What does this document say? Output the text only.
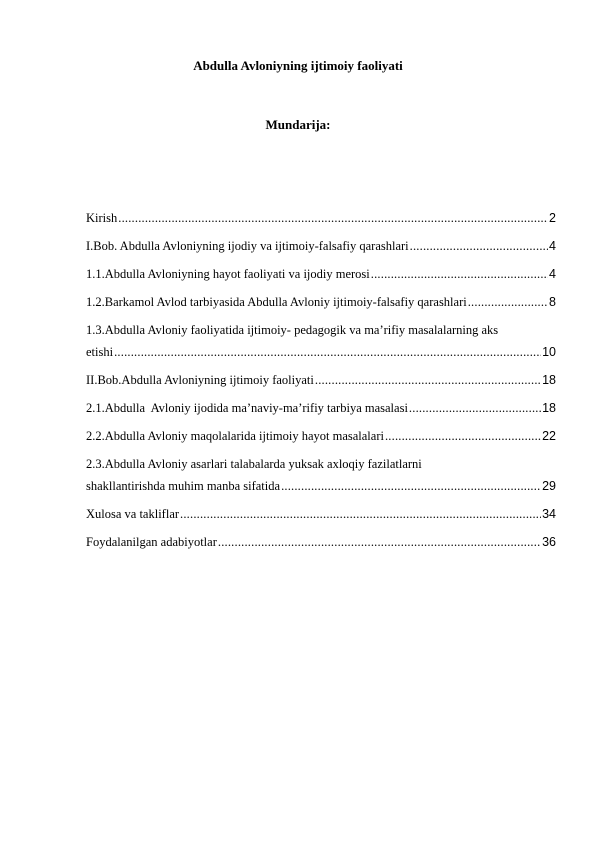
Abdulla Avloniyning ijtimoiy faoliyati
Mundarija:
Kirish .....	2
I.Bob. Abdulla Avloniyning ijodiy va ijtimoiy-falsafiy qarashlari .....	4
1.1.Abdulla Avloniyning hayot faoliyati va ijodiy merosi .....	4
1.2.Barkamol Avlod tarbiyasida Abdulla Avloniy ijtimoiy-falsafiy qarashlari .....	8
1.3.Abdulla Avloniy faoliyatida ijtimoiy- pedagogik va ma’rifiy masalalarning aks
etishi .....	10
II.Bob.Abdulla Avloniyning ijtimoiy faoliyati .....	18
2.1.Abdulla  Avloniy ijodida ma’naviy-ma’rifiy tarbiya masalasi .....	18
2.2.Abdulla Avloniy maqolalarida ijtimoiy hayot masalalari .....	22
2.3.Abdulla Avloniy asarlari talabalarda yuksak axloqiy fazilatlarni
shakllantirishda muhim manba sifatida .....	29
Xulosa va takliflar .....	34
Foydalanilgan adabiyotlar .....	36
